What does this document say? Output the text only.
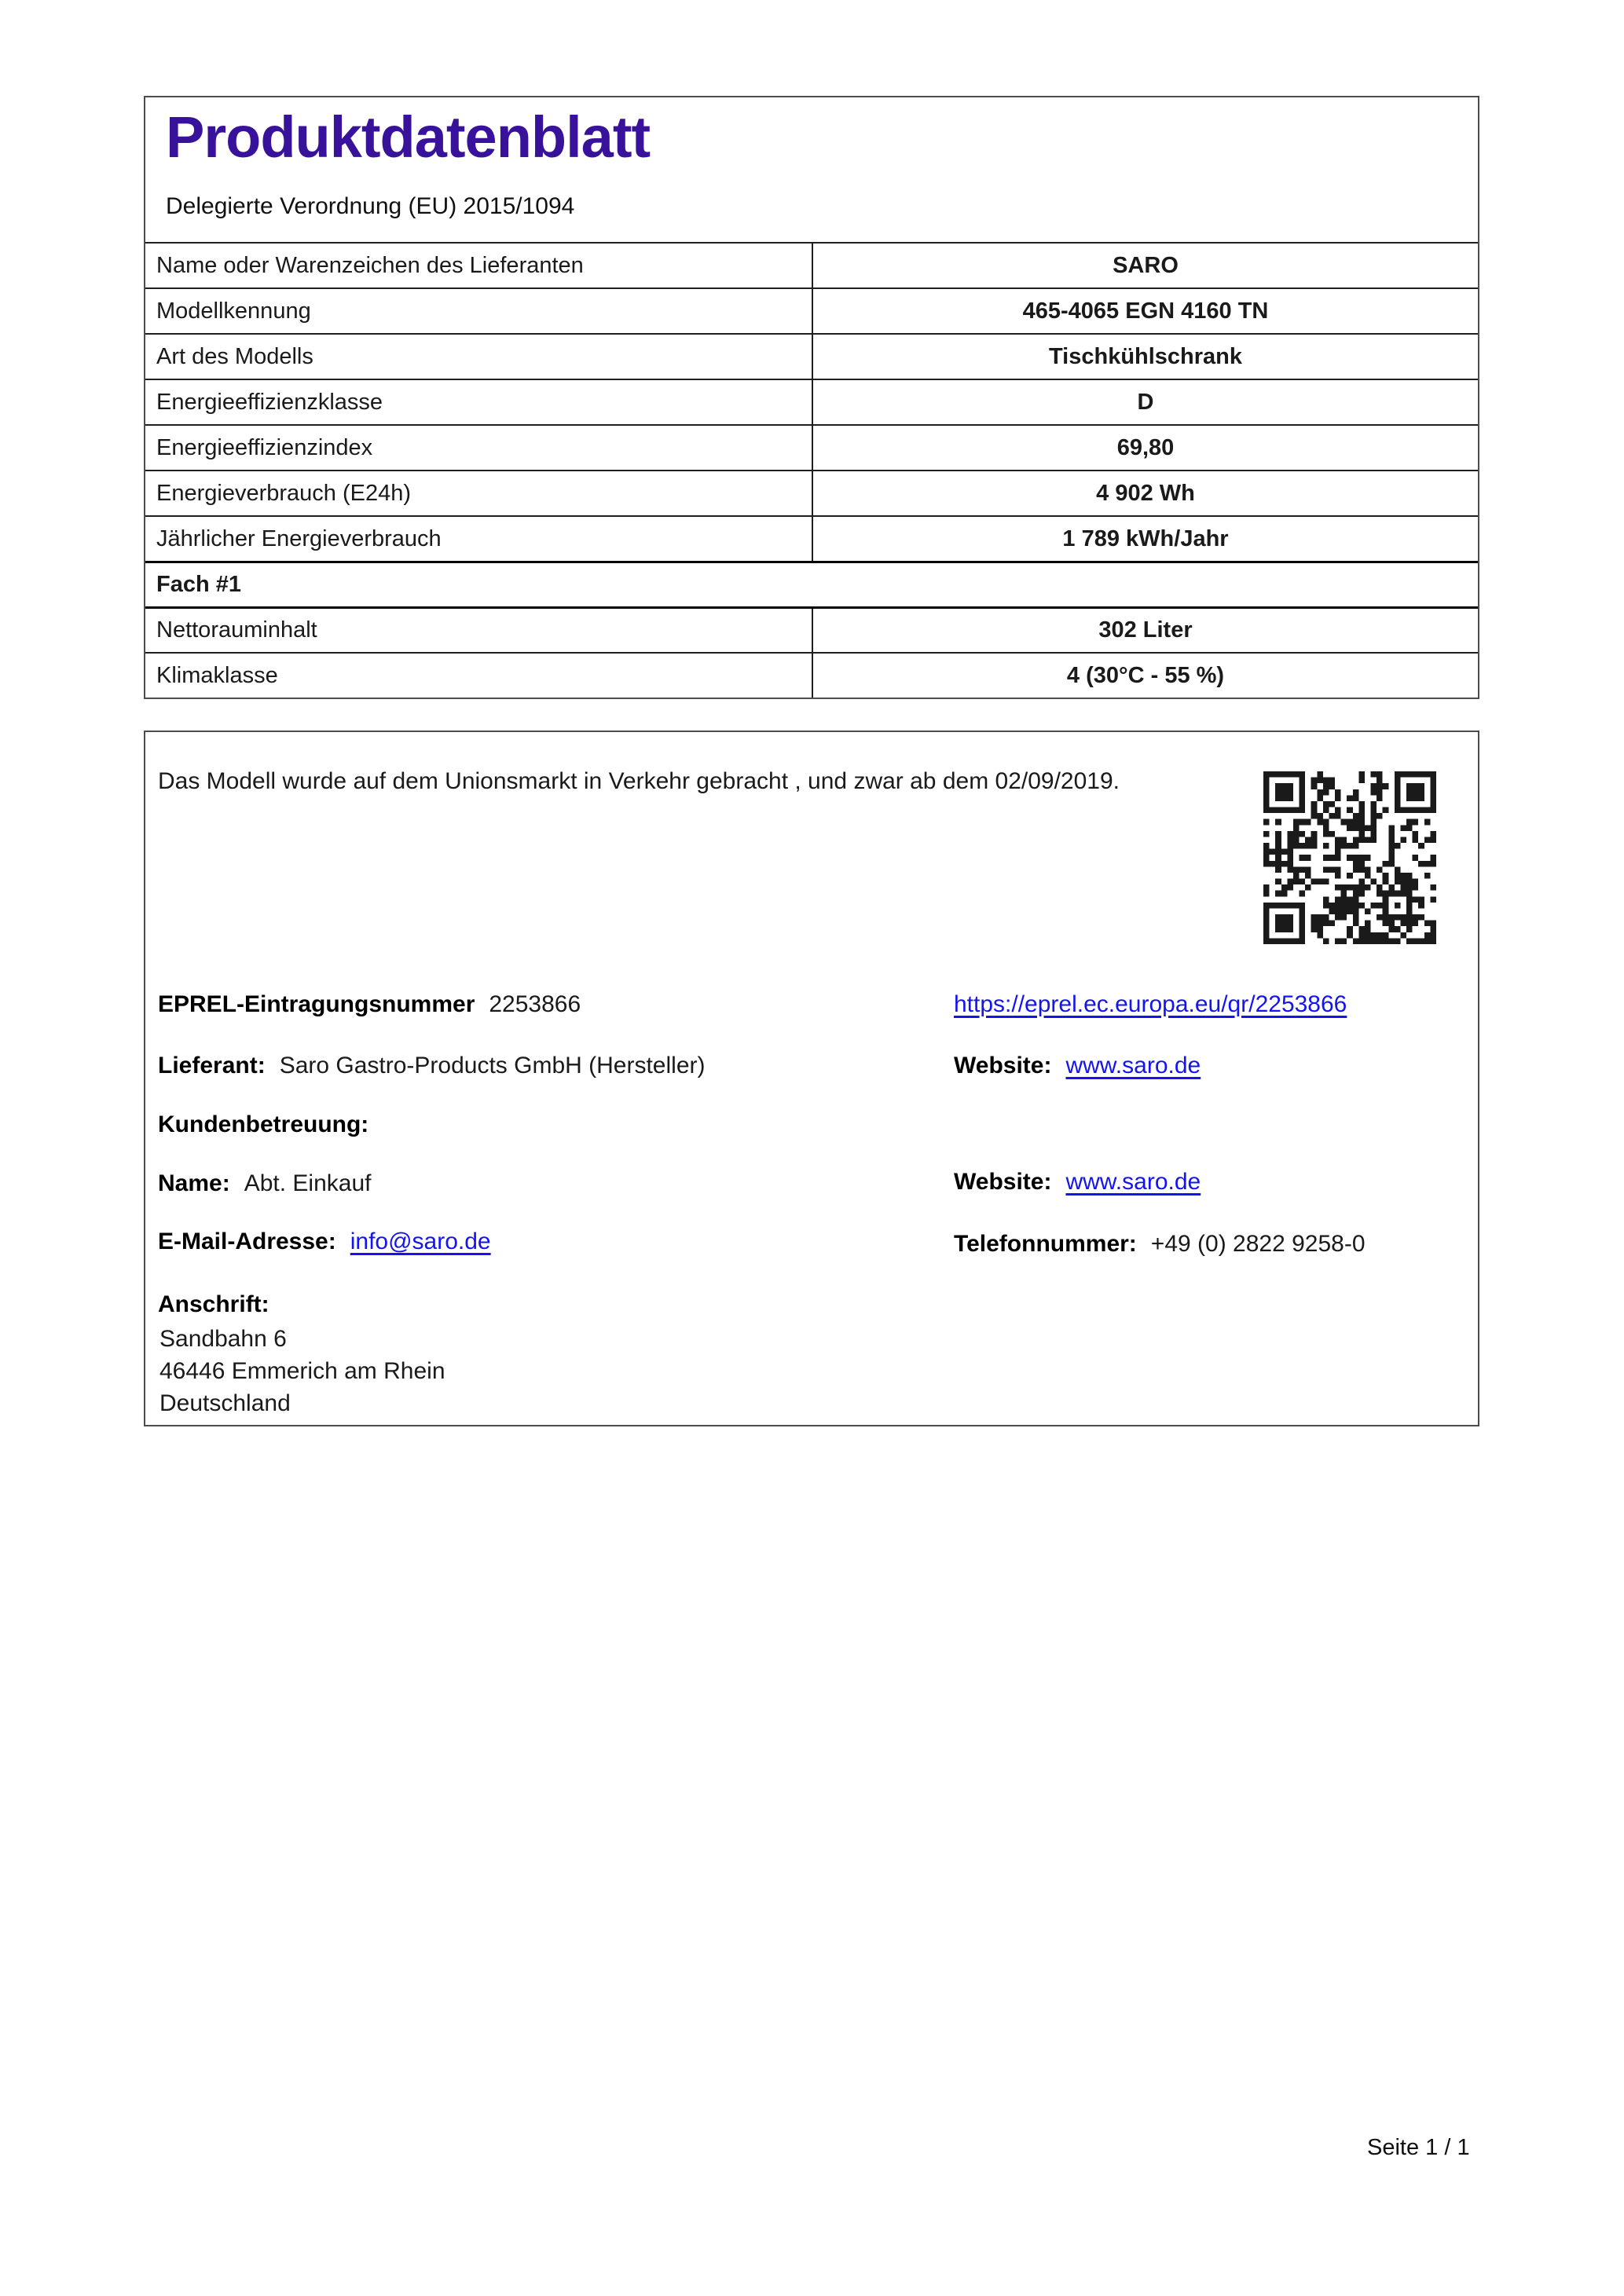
Produktdatenblatt

Delegierte Verordnung (EU) 2015/1094

Name oder Warenzeichen des Lieferanten	SARO
Modellkennung	465-4065 EGN 4160 TN
Art des Modells	Tischkühlschrank
Energieeffizienzklasse	D
Energieeffizienzindex	69,80
Energieverbrauch (E24h)	4 902 Wh
Jährlicher Energieverbrauch	1 789 kWh/Jahr
Fach #1
Nettorauminhalt	302 Liter
Klimaklasse	4 (30°C - 55 %)
Das Modell wurde auf dem Unionsmarkt in Verkehr gebracht , und zwar ab dem 02/09/2019.
EPREL-Eintragungsnummer 2253866	https://eprel.ec.europa.eu/qr/2253866
Lieferant: Saro Gastro-Products GmbH (Hersteller)	Website: www.saro.de
Kundenbetreuung:
Name: Abt. Einkauf	Website: www.saro.de
E-Mail-Adresse: info@saro.de	Telefonnummer: +49 (0) 2822 9258-0
Anschrift:
Sandbahn 6
46446 Emmerich am Rhein
Deutschland
Seite 1 / 1
